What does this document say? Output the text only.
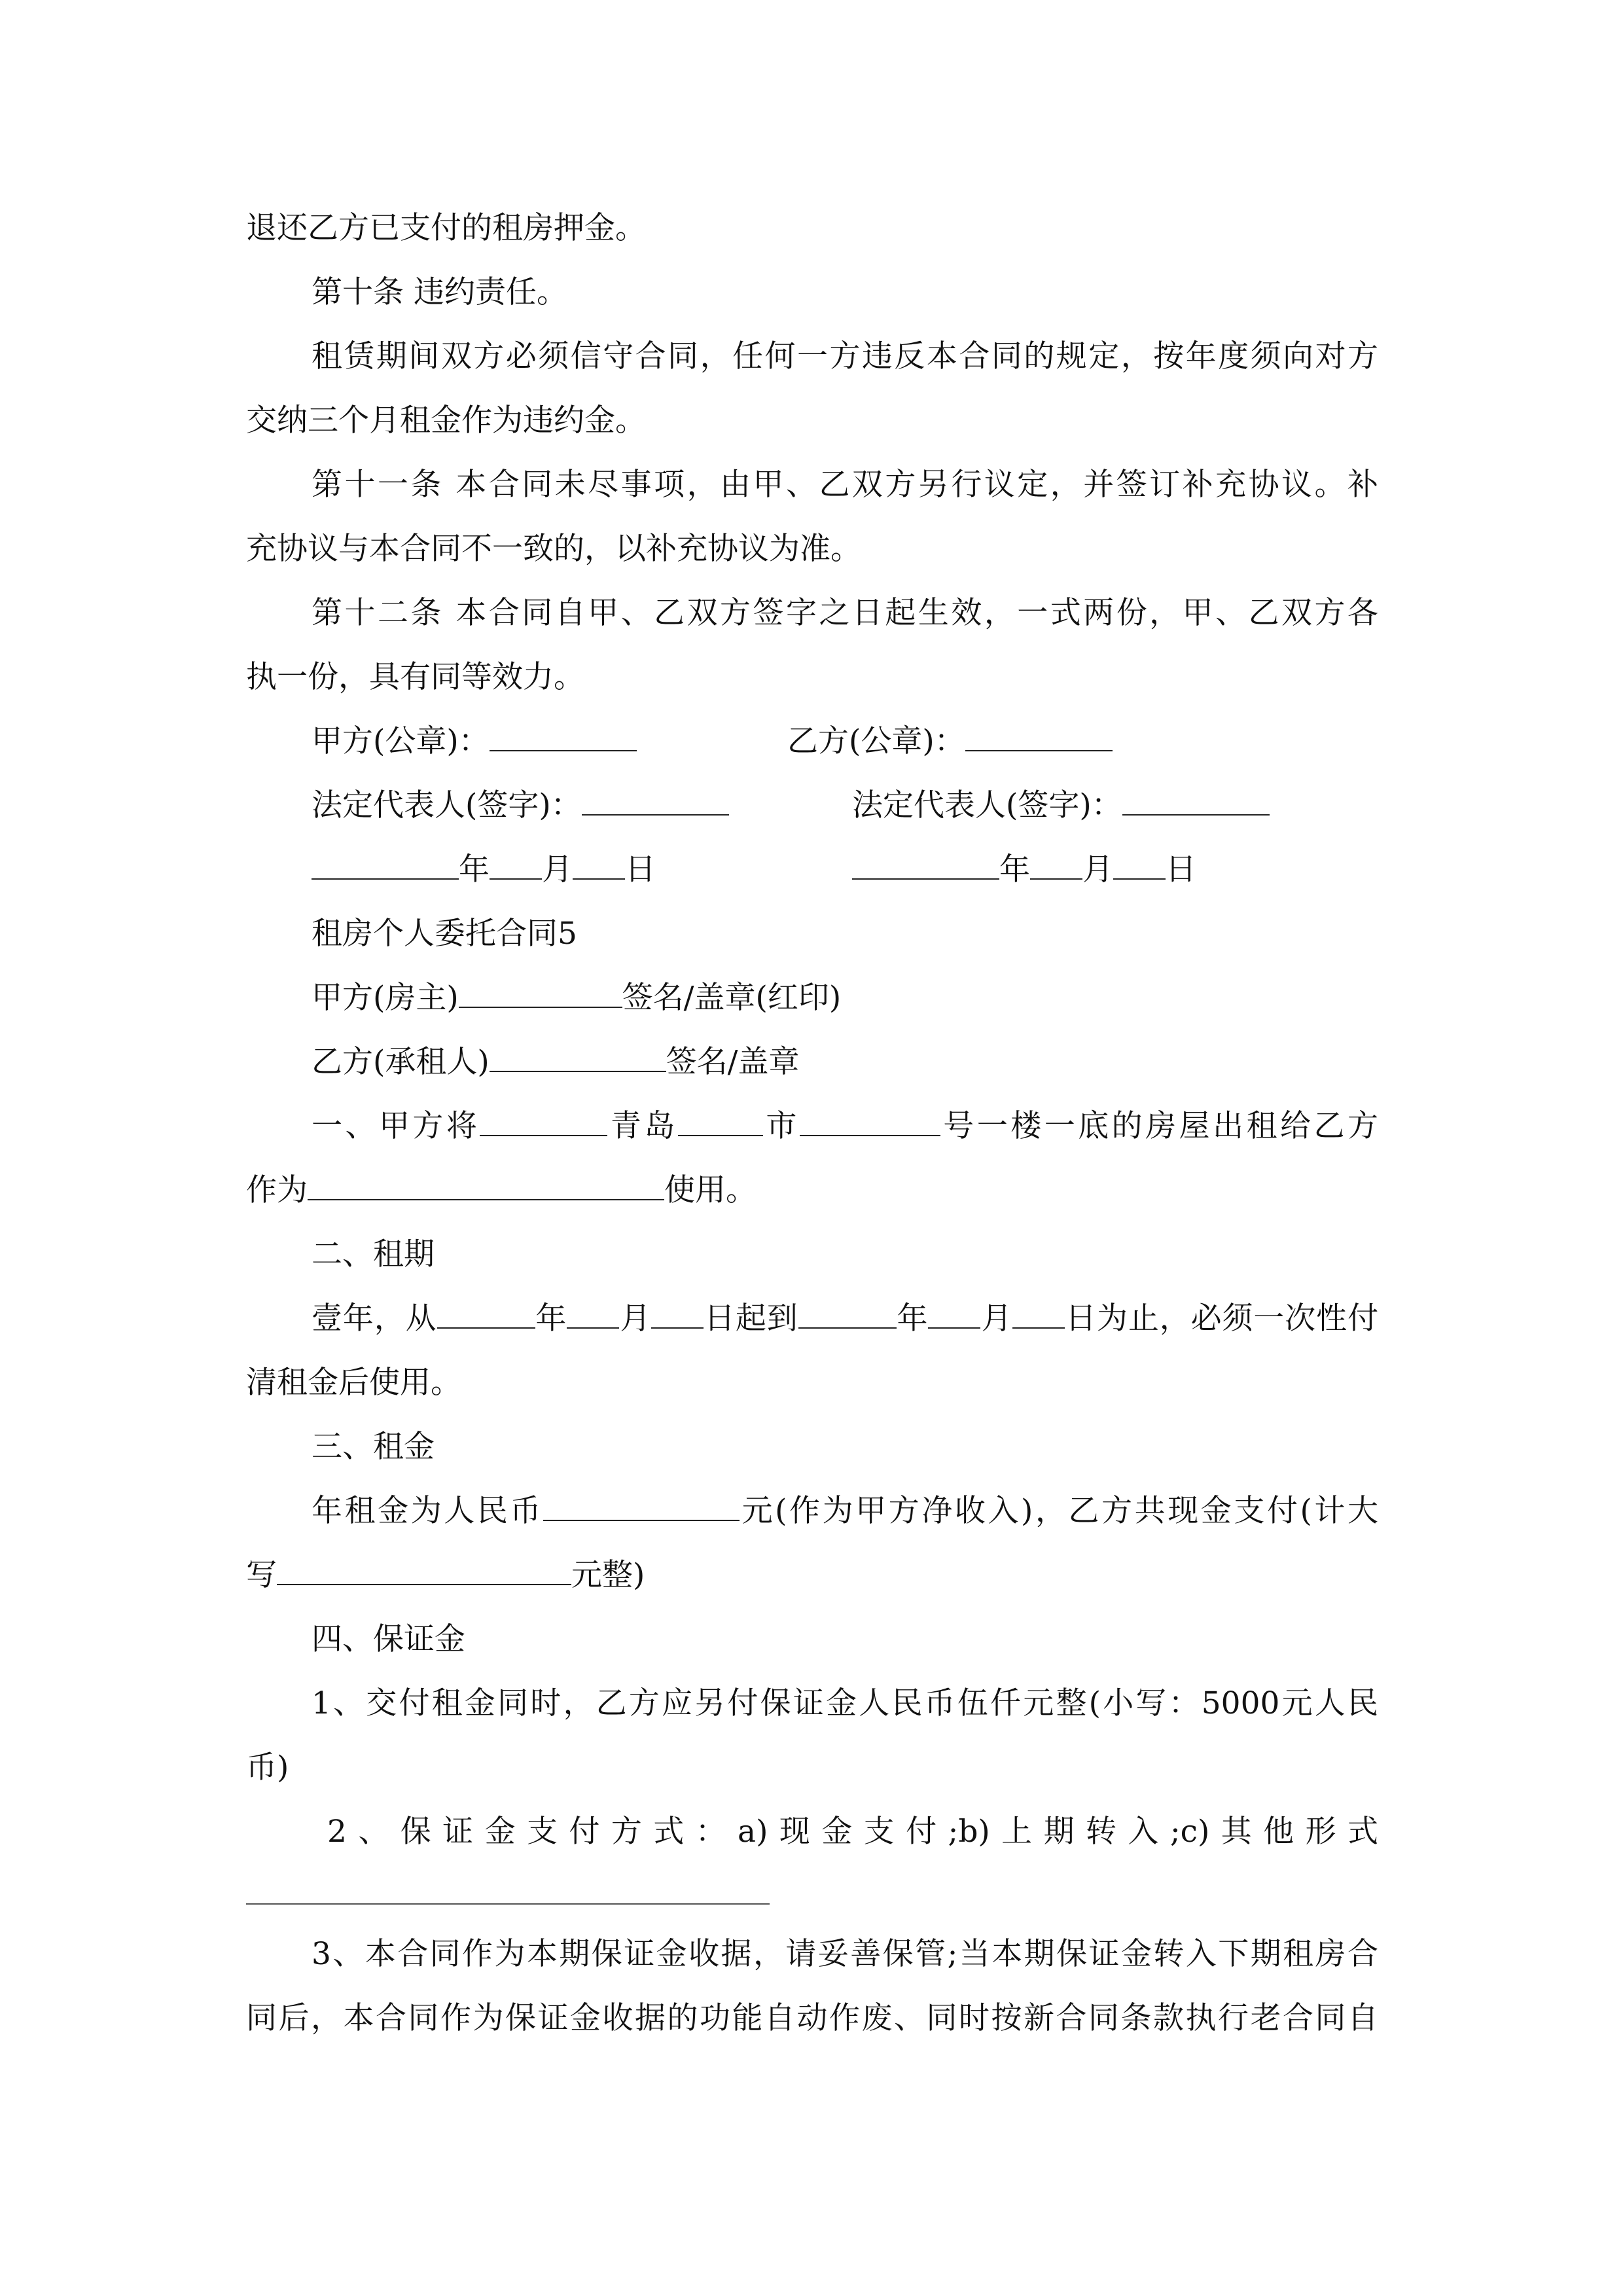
退还乙方已支付的租房押金。
第十条 违约责任。
租赁期间双方必须信守合同，任何一方违反本合同的规定，按年度须向对方
交纳三个月租金作为违约金。
第十一条 本合同未尽事项，由甲、乙双方另行议定，并签订补充协议。补
充协议与本合同不一致的，以补充协议为准。
第十二条 本合同自甲、乙双方签字之日起生效，一式两份，甲、乙双方各
执一份，具有同等效力。
甲方(公章)：	乙方(公章)：
法定代表人(签字)：	法定代表人(签字)：
年 月 日	年 月 日
租房个人委托合同5
甲方(房主)	签名/盖章(红印)
乙方(承租人)	签名/盖章
一、甲方将	青岛	市	号一楼一底的房屋出租给乙方
作为	使用。
二、租期
壹年，从	年 月 日起到	年 月 日为止，必须一次性付
清租金后使用。
三、租金
年租金为人民币	元(作为甲方净收入)，乙方共现金支付(计大
写	元整)
四、保证金
1、交付租金同时，乙方应另付保证金人民币伍仟元整(小写：5000元人民
币)
2、保证金支付方式：a)现金支付;b)上期转入;c)其他形式
3、本合同作为本期保证金收据，请妥善保管;当本期保证金转入下期租房合
同后，本合同作为保证金收据的功能自动作废、同时按新合同条款执行老合同自
